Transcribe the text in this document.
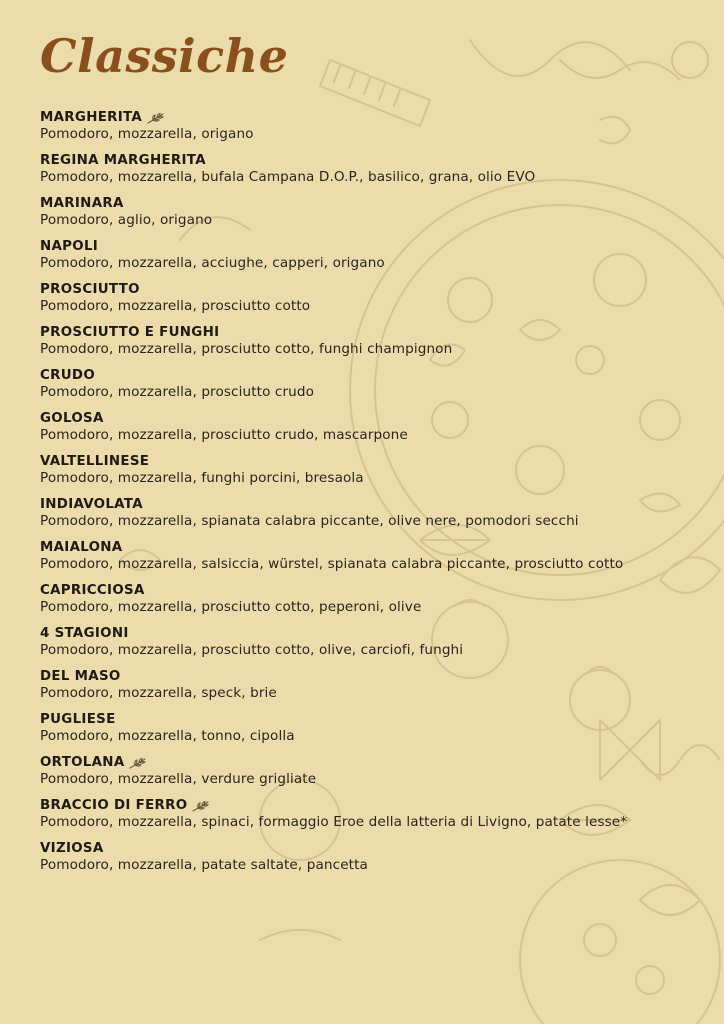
Classiche
MARGHERITA
Pomodoro, mozzarella, origano
REGINA MARGHERITA
Pomodoro, mozzarella, bufala Campana D.O.P., basilico, grana, olio EVO
MARINARA
Pomodoro, aglio, origano
NAPOLI
Pomodoro, mozzarella, acciughe, capperi, origano
PROSCIUTTO
Pomodoro, mozzarella, prosciutto cotto
PROSCIUTTO E FUNGHI
Pomodoro, mozzarella, prosciutto cotto, funghi champignon
CRUDO
Pomodoro, mozzarella, prosciutto crudo
GOLOSA
Pomodoro, mozzarella, prosciutto crudo, mascarpone
VALTELLINESE
Pomodoro, mozzarella, funghi porcini, bresaola
INDIAVOLATA
Pomodoro, mozzarella, spianata calabra piccante, olive nere, pomodori secchi
MAIALONA
Pomodoro, mozzarella, salsiccia, würstel, spianata calabra piccante, prosciutto cotto
CAPRICCIOSA
Pomodoro, mozzarella, prosciutto cotto, peperoni, olive
4 STAGIONI
Pomodoro, mozzarella, prosciutto cotto, olive, carciofi, funghi
DEL MASO
Pomodoro, mozzarella, speck, brie
PUGLIESE
Pomodoro, mozzarella, tonno, cipolla
ORTOLANA
Pomodoro, mozzarella, verdure grigliate
BRACCIO DI FERRO
Pomodoro, mozzarella, spinaci, formaggio Eroe della latteria di Livigno, patate lesse*
VIZIOSA
Pomodoro, mozzarella, patate saltate, pancetta
